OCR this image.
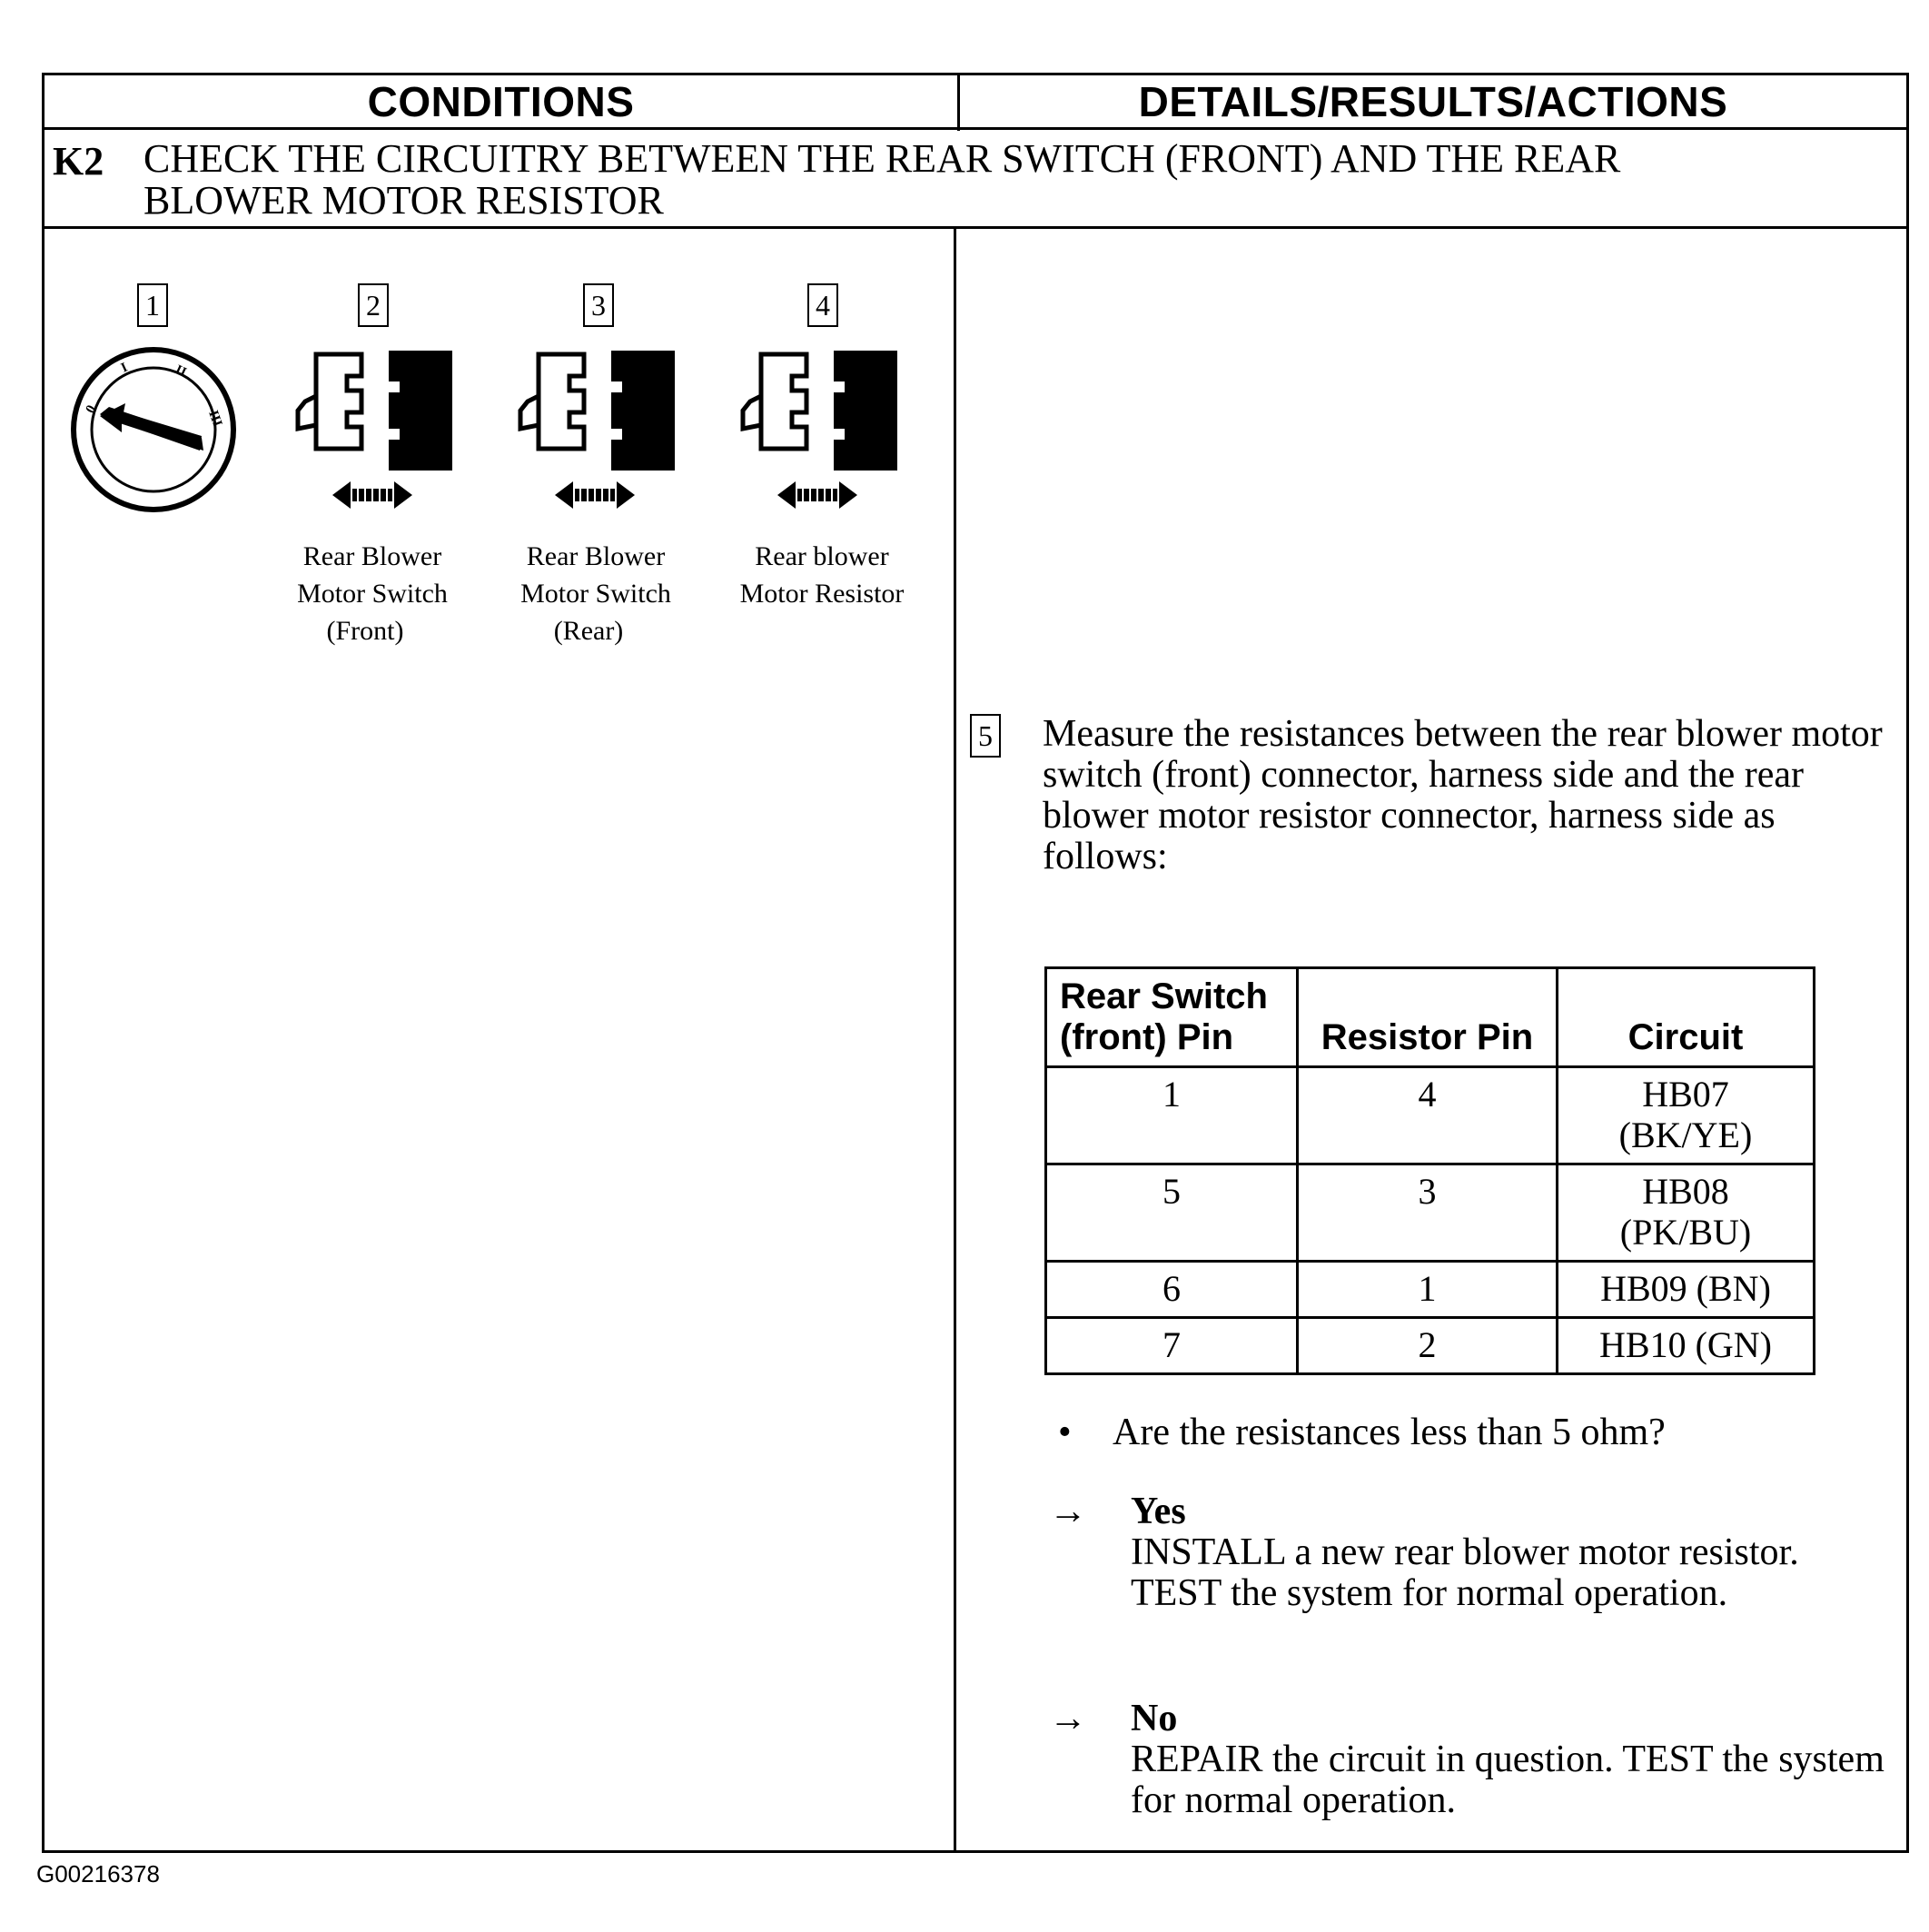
CONDITIONS	DETAILS/RESULTS/ACTIONS
K2 CHECK THE CIRCUITRY BETWEEN THE REAR SWITCH (FRONT) AND THE REAR
BLOWER MOTOR RESISTOR
1	2	3	4
0
I	II
III
Rear Blower
Motor Switch
(Front)
Rear Blower
Motor Switch
(Rear)
Rear blower
Motor Resistor
5 Measure the resistances between the rear blower motor switch (front) connector, harness side and the rear blower motor resistor connector, harness side as follows:
Rear Switch
(front) Pin	Resistor Pin	Circuit
1	4	HB07
(BK/YE)

5	3	HB08
(PK/BU)

6	1	HB09 (BN)
7	2	HB10 (GN)
• Are the resistances less than 5 ohm?
→ Yes
INSTALL a new rear blower motor resistor. TEST the system for normal operation.
→ No
REPAIR the circuit in question. TEST the system for normal operation.
G00216378
